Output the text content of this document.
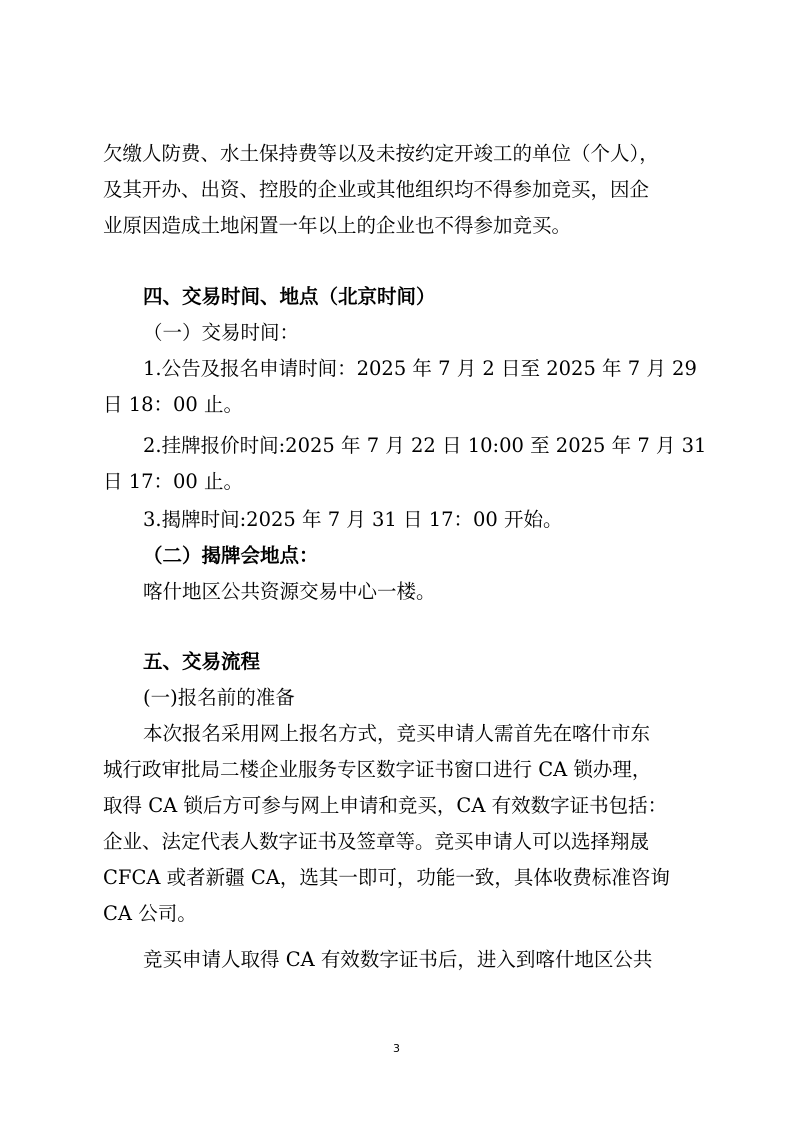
欠缴人防费、水土保持费等以及未按约定开竣工的单位（个人），
及其开办、出资、控股的企业或其他组织均不得参加竞买，因企
业原因造成土地闲置一年以上的企业也不得参加竞买。
四、交易时间、地点（北京时间）
（一）交易时间：
1.公告及报名申请时间：2025 年 7 月 2 日至 2025 年 7 月 29
日 18：00 止。
2.挂牌报价时间:2025 年 7 月 22 日 10:00 至 2025 年 7 月 31
日 17：00 止。
3.揭牌时间:2025 年 7 月 31 日 17：00 开始。
（二）揭牌会地点：
喀什地区公共资源交易中心一楼。
五、交易流程
(一)报名前的准备
本次报名采用网上报名方式，竞买申请人需首先在喀什市东
城行政审批局二楼企业服务专区数字证书窗口进行 CA 锁办理，
取得 CA 锁后方可参与网上申请和竞买，CA 有效数字证书包括：
企业、法定代表人数字证书及签章等。竞买申请人可以选择翔晟
CFCA 或者新疆 CA，选其一即可，功能一致，具体收费标准咨询
CA 公司。
竞买申请人取得 CA 有效数字证书后，进入到喀什地区公共
3
